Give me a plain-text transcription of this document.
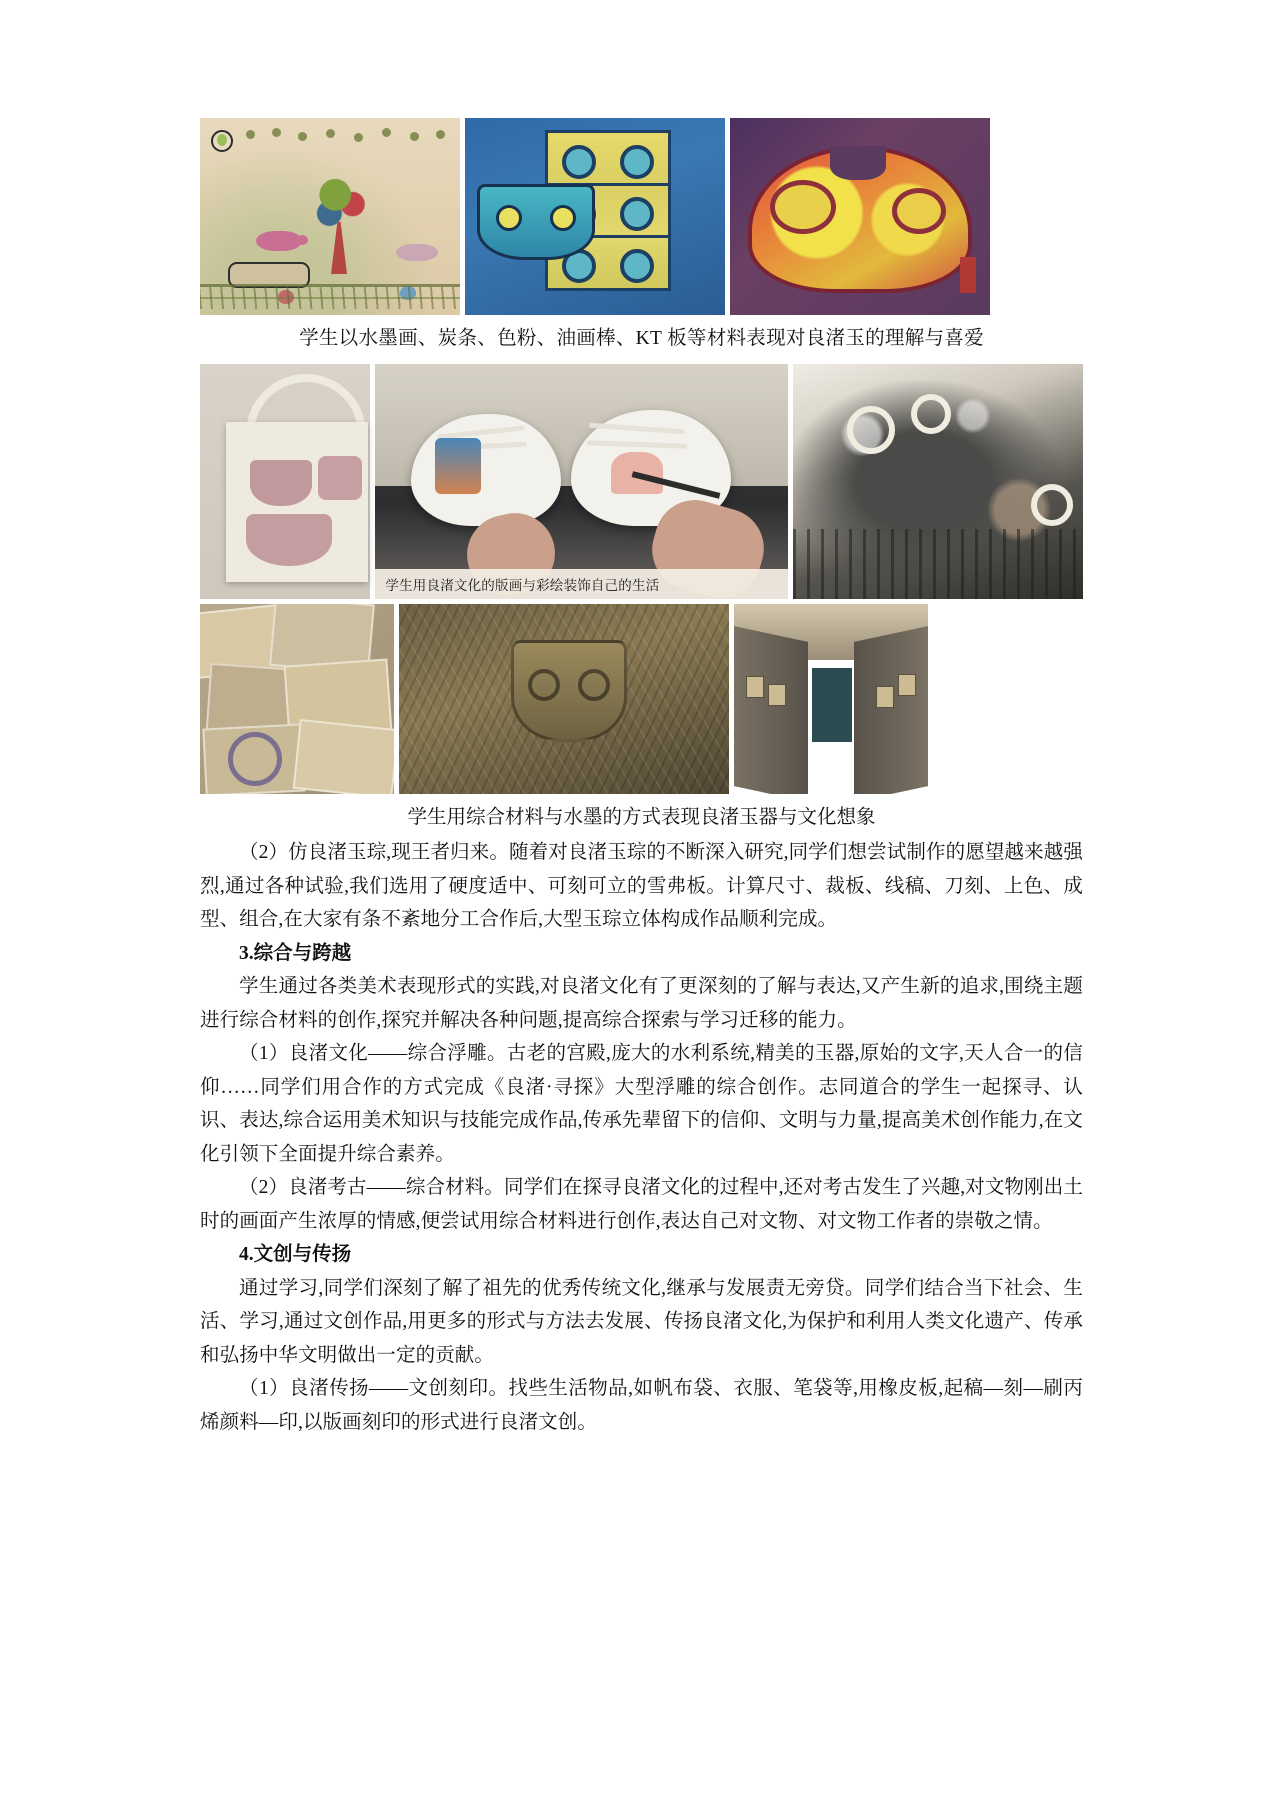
学生以水墨画、炭条、色粉、油画棒、KT 板等材料表现对良渚玉的理解与喜爱
学生用良渚文化的版画与彩绘装饰自己的生活
学生用综合材料与水墨的方式表现良渚玉器与文化想象

（2）仿良渚玉琮,现王者归来。随着对良渚玉琮的不断深入研究,同学们想尝试制作的愿望越来越强烈,通过各种试验,我们选用了硬度适中、可刻可立的雪弗板。计算尺寸、裁板、线稿、刀刻、上色、成型、组合,在大家有条不紊地分工合作后,大型玉琮立体构成作品顺利完成。

3.综合与跨越

学生通过各类美术表现形式的实践,对良渚文化有了更深刻的了解与表达,又产生新的追求,围绕主题进行综合材料的创作,探究并解决各种问题,提高综合探索与学习迁移的能力。

（1）良渚文化——综合浮雕。古老的宫殿,庞大的水利系统,精美的玉器,原始的文字,天人合一的信仰……同学们用合作的方式完成《良渚·寻探》大型浮雕的综合创作。志同道合的学生一起探寻、认识、表达,综合运用美术知识与技能完成作品,传承先辈留下的信仰、文明与力量,提高美术创作能力,在文化引领下全面提升综合素养。

（2）良渚考古——综合材料。同学们在探寻良渚文化的过程中,还对考古发生了兴趣,对文物刚出土时的画面产生浓厚的情感,便尝试用综合材料进行创作,表达自己对文物、对文物工作者的崇敬之情。

4.文创与传扬

通过学习,同学们深刻了解了祖先的优秀传统文化,继承与发展责无旁贷。同学们结合当下社会、生活、学习,通过文创作品,用更多的形式与方法去发展、传扬良渚文化,为保护和利用人类文化遗产、传承和弘扬中华文明做出一定的贡献。

（1）良渚传扬——文创刻印。找些生活物品,如帆布袋、衣服、笔袋等,用橡皮板,起稿—刻—刷丙烯颜料—印,以版画刻印的形式进行良渚文创。
